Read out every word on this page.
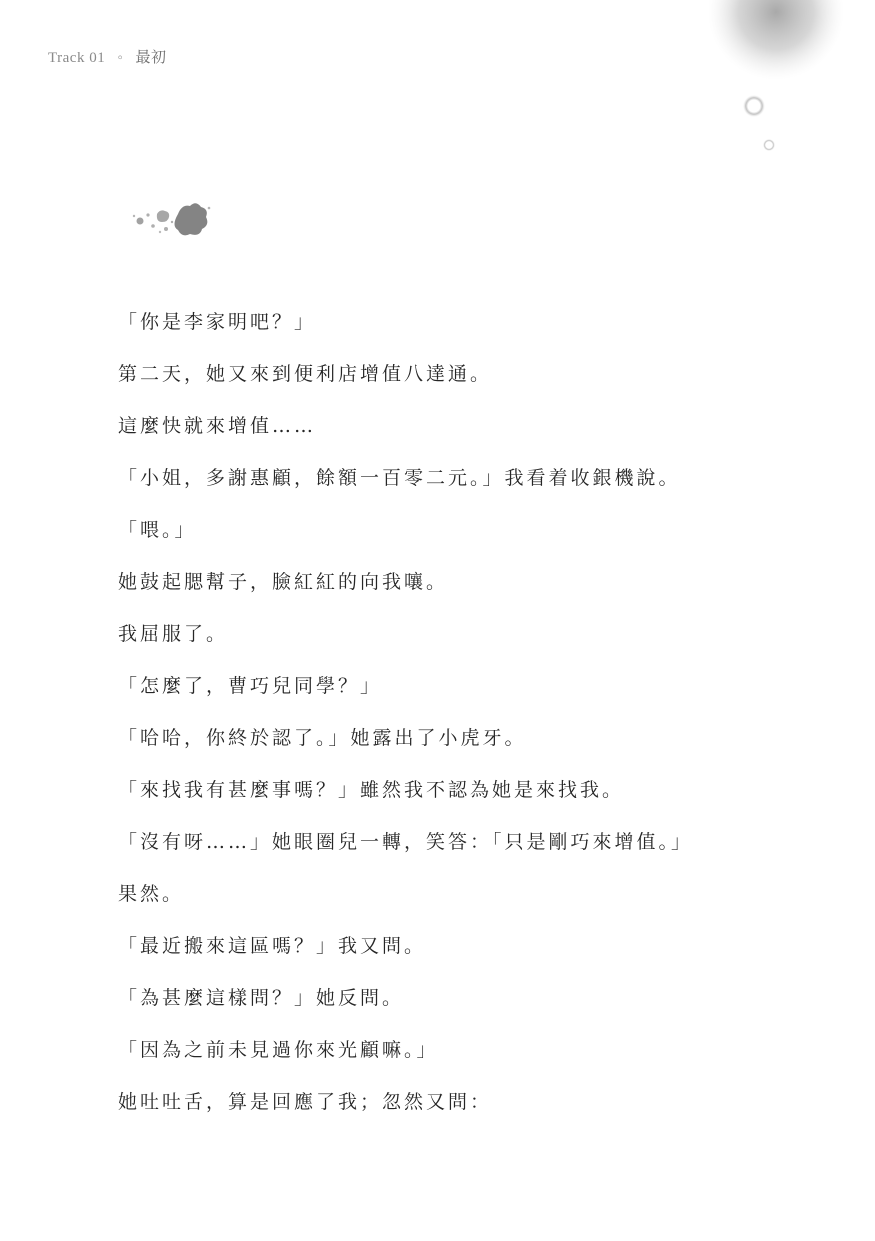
Track 01 ◦ 最初
「你是李家明吧？」
第二天，她又來到便利店增值八達通。
這麼快就來增值……
「小姐，多謝惠顧，餘額一百零二元。」我看着收銀機說。
「喂。」
她鼓起腮幫子，臉紅紅的向我嚷。
我屈服了。
「怎麼了，曹巧兒同學？」
「哈哈，你終於認了。」她露出了小虎牙。
「來找我有甚麼事嗎？」雖然我不認為她是來找我。
「沒有呀……」她眼圈兒一轉，笑答：「只是剛巧來增值。」
果然。
「最近搬來這區嗎？」我又問。
「為甚麼這樣問？」她反問。
「因為之前未見過你來光顧嘛。」
她吐吐舌，算是回應了我；忽然又問：
